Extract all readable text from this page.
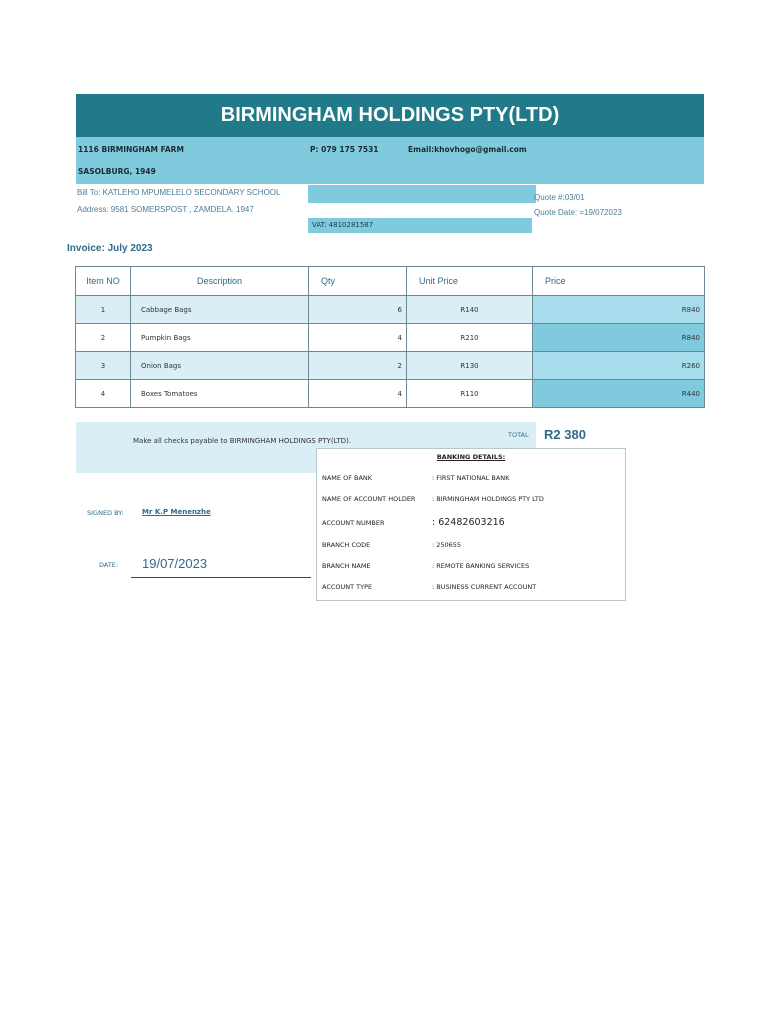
BIRMINGHAM HOLDINGS PTY(LTD)
1116 BIRMINGHAM FARM
SASOLBURG, 1949
P: 079 175 7531	Email:khovhogo@gmail.com
Bill To: KATLEHO MPUMELELO SECONDARY SCHOOL
Address: 9581 SOMERSPOST , ZAMDELA. 1947
VAT: 4810281587
Quote #:03/01
Quote Date: =19/072023
Invoice: July 2023
Item NO	Description	Qty	Unit Price	Price
1	Cabbage Bags	6	R140	R840
2	Pumpkin Bags	4	R210	R840
3	Onion Bags	2	R130	R260
4	Boxes Tomatoes	4	R110	R440
Make all checks payable to BIRMINGHAM HOLDINGS PTY(LTD).
TOTAL R2 380
BANKING DETAILS:
NAME OF BANK	: FIRST NATIONAL BANK
NAME OF ACCOUNT HOLDER	: BIRMINGHAM HOLDINGS PTY LTD
ACCOUNT NUMBER	: 62482603216
BRANCH CODE	: 250655
BRANCH NAME	: REMOTE BANKING SERVICES
ACCOUNT TYPE	: BUSINESS CURRENT ACCOUNT
SIGNED BY:	Mr K.P Menenzhe
DATE: 19/07/2023
